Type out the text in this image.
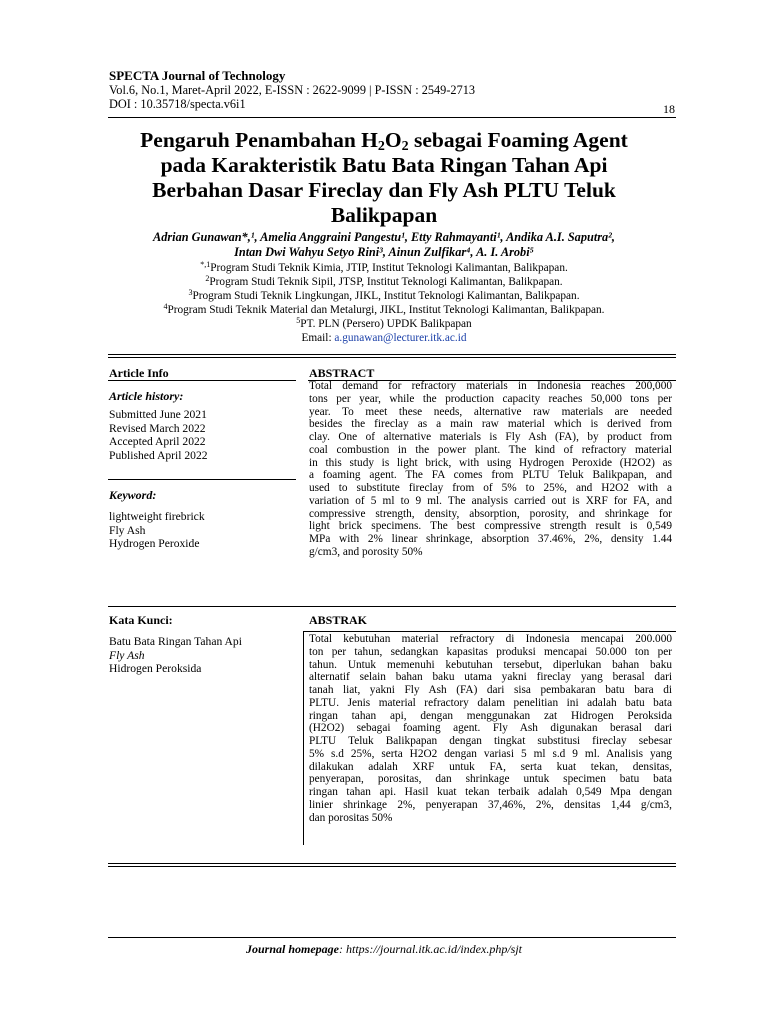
SPECTA Journal of Technology
Vol.6, No.1, Maret-April 2022, E-ISSN : 2622-9099 | P-ISSN : 2549-2713
DOI : 10.35718/specta.v6i1	18
Pengaruh Penambahan $H_2O_2$ sebagai Foaming Agent
pada Karakteristik Batu Bata Ringan Tahan Api
Berbahan Dasar Fireclay dan Fly Ash PLTU Teluk
Balikpapan
Adrian Gunawan*,¹, Amelia Anggraini Pangestu¹, Etty Rahmayanti¹, Andika A.I. Saputra²,
Intan Dwi Wahyu Setyo Rini³, Ainun Zulfikar⁴, A. I. Arobi⁵
$^{*,1}$Program Studi Teknik Kimia, JTIP, Institut Teknologi Kalimantan, Balikpapan.
$^2$Program Studi Teknik Sipil, JTSP, Institut Teknologi Kalimantan, Balikpapan.
$^3$Program Studi Teknik Lingkungan, JIKL, Institut Teknologi Kalimantan, Balikpapan.
$^4$Program Studi Teknik Material dan Metalurgi, JIKL, Institut Teknologi Kalimantan, Balikpapan.
$^5$PT. PLN (Persero) UPDK Balikpapan
Email: a.gunawan@lecturer.itk.ac.id
Article Info
Article history:
Submitted June 2021
Revised March 2022
Accepted April 2022
Published April 2022
Keyword:
lightweight firebrick
Fly Ash
Hydrogen Peroxide
ABSTRACT
Total demand for refractory materials in Indonesia reaches 200,000
tons per year, while the production capacity reaches 50,000 tons per
year. To meet these needs, alternative raw materials are needed
besides the fireclay as a main raw material which is derived from
clay. One of alternative materials is Fly Ash (FA), by product from
coal combustion in the power plant. The kind of refractory material
in this study is light brick, with using Hydrogen Peroxide (H2O2) as
a foaming agent. The FA comes from PLTU Teluk Balikpapan, and
used to substitute fireclay from of 5% to 25%, and H2O2 with a
variation of 5 ml to 9 ml. The analysis carried out is XRF for FA, and
compressive strength, density, absorption, porosity, and shrinkage for
light brick specimens. The best compressive strength result is 0,549
MPa with 2% linear shrinkage, absorption 37.46%, 2%, density 1.44
g/cm3, and porosity 50%
Kata Kunci:
Batu Bata Ringan Tahan Api
Fly Ash
Hidrogen Peroksida
ABSTRAK
Total kebutuhan material refractory di Indonesia mencapai 200.000
ton per tahun, sedangkan kapasitas produksi mencapai 50.000 ton per
tahun. Untuk memenuhi kebutuhan tersebut, diperlukan bahan baku
alternatif selain bahan baku utama yakni fireclay yang berasal dari
tanah liat, yakni Fly Ash (FA) dari sisa pembakaran batu bara di
PLTU. Jenis material refractory dalam penelitian ini adalah batu bata
ringan tahan api, dengan menggunakan zat Hidrogen Peroksida
(H2O2) sebagai foaming agent. Fly Ash digunakan berasal dari
PLTU Teluk Balikpapan dengan tingkat substitusi fireclay sebesar
5% s.d 25%, serta H2O2 dengan variasi 5 ml s.d 9 ml. Analisis yang
dilakukan adalah XRF untuk FA, serta kuat tekan, densitas,
penyerapan, porositas, dan shrinkage untuk specimen batu bata
ringan tahan api. Hasil kuat tekan terbaik adalah 0,549 Mpa dengan
linier shrinkage 2%, penyerapan 37,46%, 2%, densitas 1,44 g/cm3,
dan porositas 50%
Journal homepage: https://journal.itk.ac.id/index.php/sjt
